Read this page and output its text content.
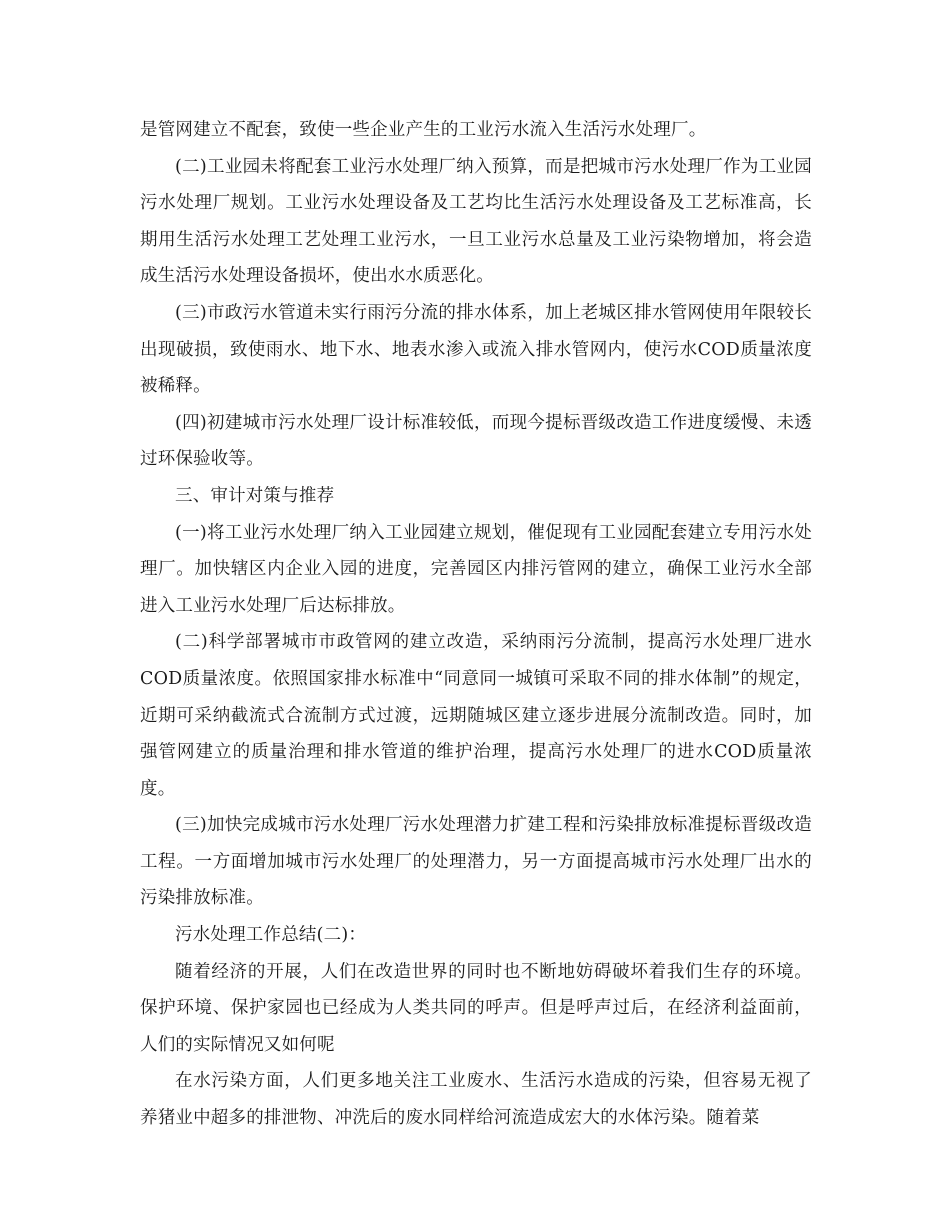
是管网建立不配套，致使一些企业产生的工业污水流入生活污水处理厂。

(二)工业园未将配套工业污水处理厂纳入预算，而是把城市污水处理厂作为工业园污水处理厂规划。工业污水处理设备及工艺均比生活污水处理设备及工艺标准高，长期用生活污水处理工艺处理工业污水，一旦工业污水总量及工业污染物增加，将会造成生活污水处理设备损坏，使出水水质恶化。

(三)市政污水管道未实行雨污分流的排水体系，加上老城区排水管网使用年限较长出现破损，致使雨水、地下水、地表水渗入或流入排水管网内，使污水COD质量浓度被稀释。

(四)初建城市污水处理厂设计标准较低，而现今提标晋级改造工作进度缓慢、未透过环保验收等。

三、审计对策与推荐

(一)将工业污水处理厂纳入工业园建立规划，催促现有工业园配套建立专用污水处理厂。加快辖区内企业入园的进度，完善园区内排污管网的建立，确保工业污水全部进入工业污水处理厂后达标排放。

(二)科学部署城市市政管网的建立改造，采纳雨污分流制，提高污水处理厂进水COD质量浓度。依照国家排水标准中“同意同一城镇可采取不同的排水体制”的规定，近期可采纳截流式合流制方式过渡，远期随城区建立逐步进展分流制改造。同时，加强管网建立的质量治理和排水管道的维护治理，提高污水处理厂的进水COD质量浓度。

(三)加快完成城市污水处理厂污水处理潜力扩建工程和污染排放标准提标晋级改造工程。一方面增加城市污水处理厂的处理潜力，另一方面提高城市污水处理厂出水的污染排放标准。

污水处理工作总结(二)：

随着经济的开展，人们在改造世界的同时也不断地妨碍破坏着我们生存的环境。保护环境、保护家园也已经成为人类共同的呼声。但是呼声过后，在经济利益面前，人们的实际情况又如何呢

在水污染方面，人们更多地关注工业废水、生活污水造成的污染，但容易无视了养猪业中超多的排泄物、冲洗后的废水同样给河流造成宏大的水体污染。随着菜
